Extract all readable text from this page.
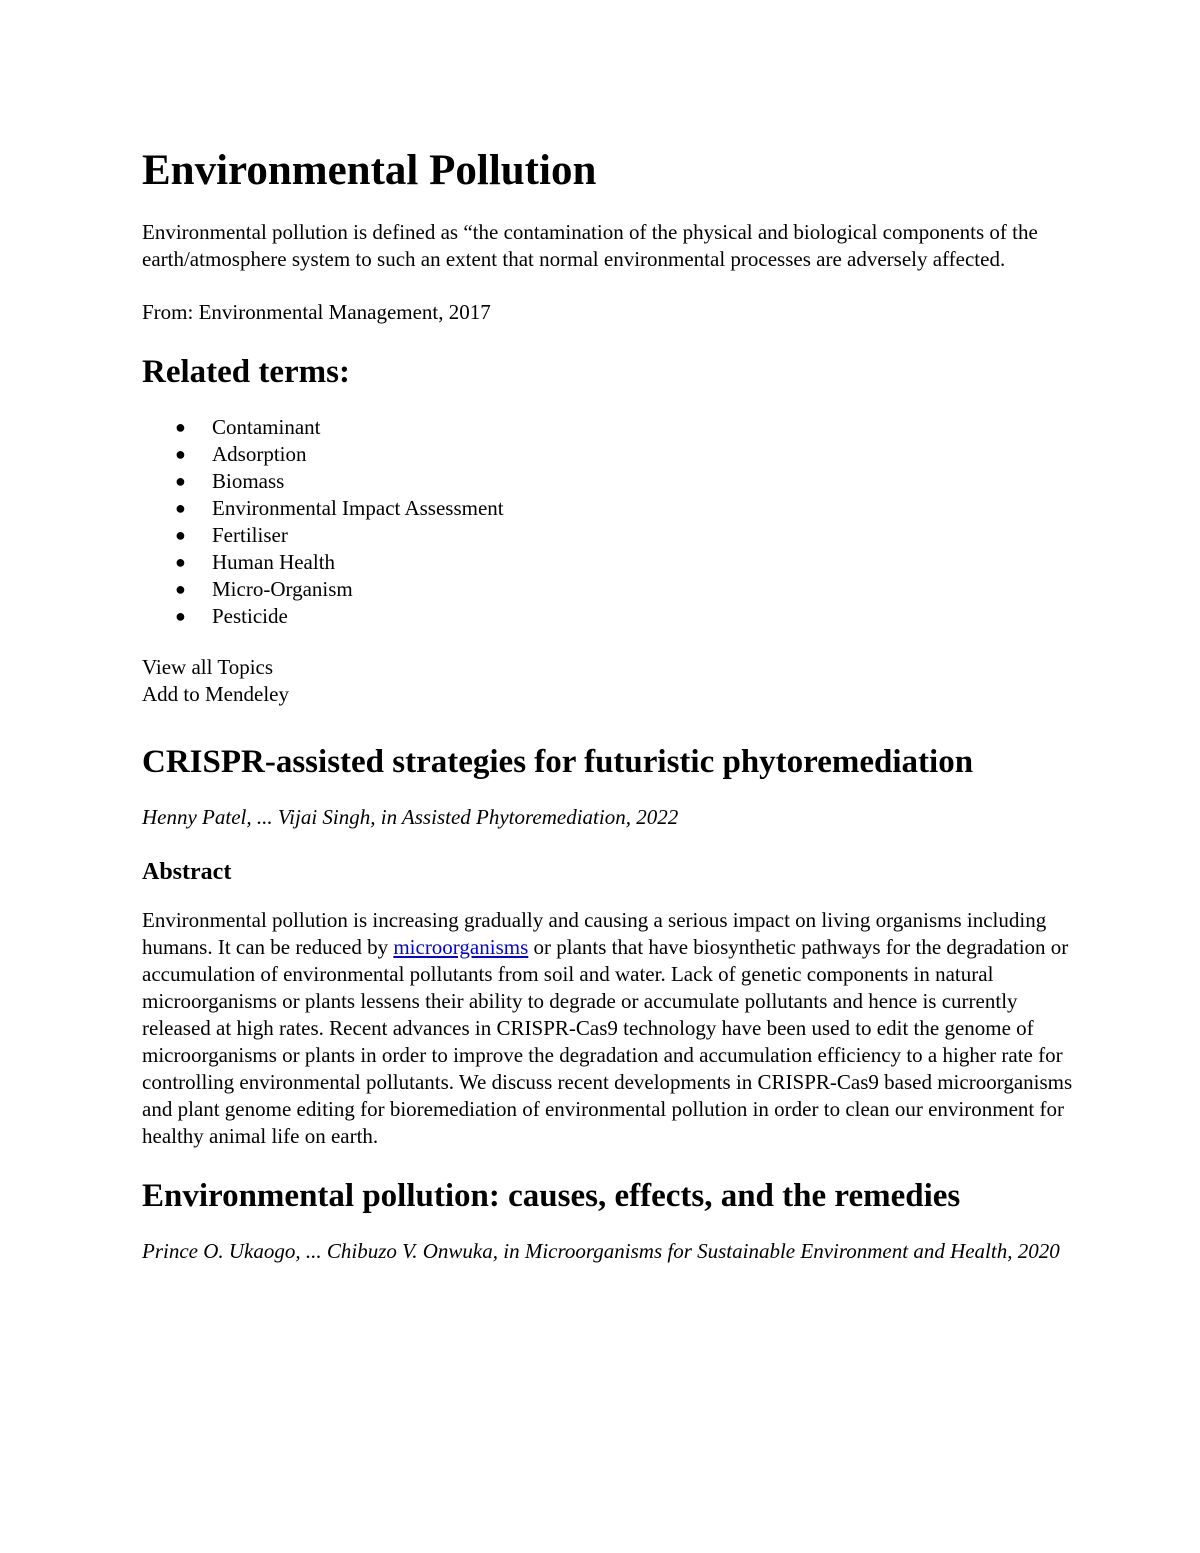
Environmental Pollution

Environmental pollution is defined as “the contamination of the physical and biological components of the earth/atmosphere system to such an extent that normal environmental processes are adversely affected.

From: Environmental Management, 2017

Related terms:
● Contaminant
● Adsorption
● Biomass
● Environmental Impact Assessment
● Fertiliser
● Human Health
● Micro-Organism
● Pesticide
View all Topics
Add to Mendeley
CRISPR-assisted strategies for futuristic phytoremediation

Henny Patel, ... Vijai Singh, in Assisted Phytoremediation, 2022

Abstract

Environmental pollution is increasing gradually and causing a serious impact on living organisms including humans. It can be reduced by microorganisms or plants that have biosynthetic pathways for the degradation or accumulation of environmental pollutants from soil and water. Lack of genetic components in natural microorganisms or plants lessens their ability to degrade or accumulate pollutants and hence is currently released at high rates. Recent advances in CRISPR-Cas9 technology have been used to edit the genome of microorganisms or plants in order to improve the degradation and accumulation efficiency to a higher rate for controlling environmental pollutants. We discuss recent developments in CRISPR-Cas9 based microorganisms and plant genome editing for bioremediation of environmental pollution in order to clean our environment for healthy animal life on earth.

Environmental pollution: causes, effects, and the remedies

Prince O. Ukaogo, ... Chibuzo V. Onwuka, in Microorganisms for Sustainable Environment and Health, 2020
